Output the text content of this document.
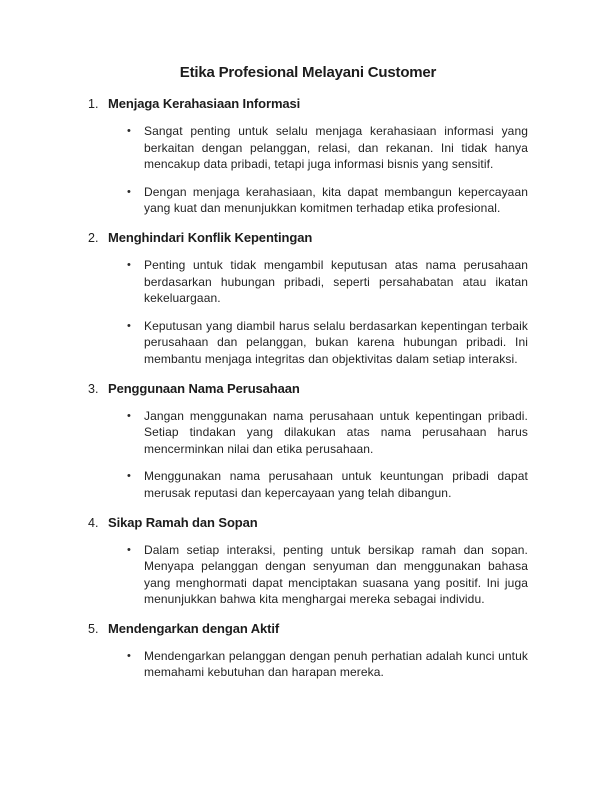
Etika Profesional Melayani Customer
1. Menjaga Kerahasiaan Informasi
•	Sangat penting untuk selalu menjaga kerahasiaan informasi yang berkaitan dengan pelanggan, relasi, dan rekanan. Ini tidak hanya mencakup data pribadi, tetapi juga informasi bisnis yang sensitif.

•	Dengan menjaga kerahasiaan, kita dapat membangun kepercayaan yang kuat dan menunjukkan komitmen terhadap etika profesional.

2. Menghindari Konflik Kepentingan
•	Penting untuk tidak mengambil keputusan atas nama perusahaan berdasarkan hubungan pribadi, seperti persahabatan atau ikatan kekeluargaan.

•	Keputusan yang diambil harus selalu berdasarkan kepentingan terbaik perusahaan dan pelanggan, bukan karena hubungan pribadi. Ini membantu menjaga integritas dan objektivitas dalam setiap interaksi.

3. Penggunaan Nama Perusahaan
•	Jangan menggunakan nama perusahaan untuk kepentingan pribadi. Setiap tindakan yang dilakukan atas nama perusahaan harus mencerminkan nilai dan etika perusahaan.

•	Menggunakan nama perusahaan untuk keuntungan pribadi dapat merusak reputasi dan kepercayaan yang telah dibangun.

4. Sikap Ramah dan Sopan
•	Dalam setiap interaksi, penting untuk bersikap ramah dan sopan. Menyapa pelanggan dengan senyuman dan menggunakan bahasa yang menghormati dapat menciptakan suasana yang positif. Ini juga menunjukkan bahwa kita menghargai mereka sebagai individu.

5. Mendengarkan dengan Aktif
•	Mendengarkan pelanggan dengan penuh perhatian adalah kunci untuk memahami kebutuhan dan harapan mereka.
